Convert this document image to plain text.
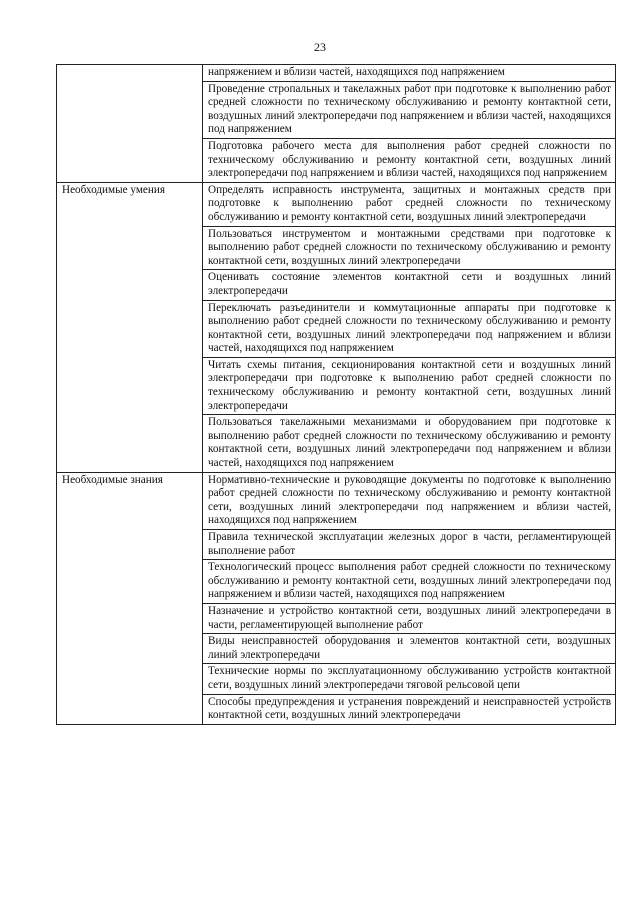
23
	напряжением и вблизи частей, находящихся под напряжением
	Проведение стропальных и такелажных работ при подготовке к выполнению работ средней сложности по техническому обслуживанию и ремонту контактной сети, воздушных линий электропередачи под напряжением и вблизи частей, находящихся под напряжением
	Подготовка рабочего места для выполнения работ средней сложности по техническому обслуживанию и ремонту контактной сети, воздушных линий электропередачи под напряжением и вблизи частей, находящихся под напряжением
Необходимые умения	Определять исправность инструмента, защитных и монтажных средств при подготовке к выполнению работ средней сложности по техническому обслуживанию и ремонту контактной сети, воздушных линий электропередачи
	Пользоваться инструментом и монтажными средствами при подготовке к выполнению работ средней сложности по техническому обслуживанию и ремонту контактной сети, воздушных линий электропередачи
	Оценивать состояние элементов контактной сети и воздушных линий электропередачи
	Переключать разъединители и коммутационные аппараты при подготовке к выполнению работ средней сложности по техническому обслуживанию и ремонту контактной сети, воздушных линий электропередачи под напряжением и вблизи частей, находящихся под напряжением
	Читать схемы питания, секционирования контактной сети и воздушных линий электропередачи при подготовке к выполнению работ средней сложности по техническому обслуживанию и ремонту контактной сети, воздушных линий электропередачи
	Пользоваться такелажными механизмами и оборудованием при подготовке к выполнению работ средней сложности по техническому обслуживанию и ремонту контактной сети, воздушных линий электропередачи под напряжением и вблизи частей, находящихся под напряжением
Необходимые знания	Нормативно-технические и руководящие документы по подготовке к выполнению работ средней сложности по техническому обслуживанию и ремонту контактной сети, воздушных линий электропередачи под напряжением и вблизи частей, находящихся под напряжением
	Правила технической эксплуатации железных дорог в части, регламентирующей выполнение работ
	Технологический процесс выполнения работ средней сложности по техническому обслуживанию и ремонту контактной сети, воздушных линий электропередачи под напряжением и вблизи частей, находящихся под напряжением
	Назначение и устройство контактной сети, воздушных линий электропередачи в части, регламентирующей выполнение работ
	Виды неисправностей оборудования и элементов контактной сети, воздушных линий электропередачи
	Технические нормы по эксплуатационному обслуживанию устройств контактной сети, воздушных линий электропередачи тяговой рельсовой цепи
	Способы предупреждения и устранения повреждений и неисправностей устройств контактной сети, воздушных линий электропередачи
